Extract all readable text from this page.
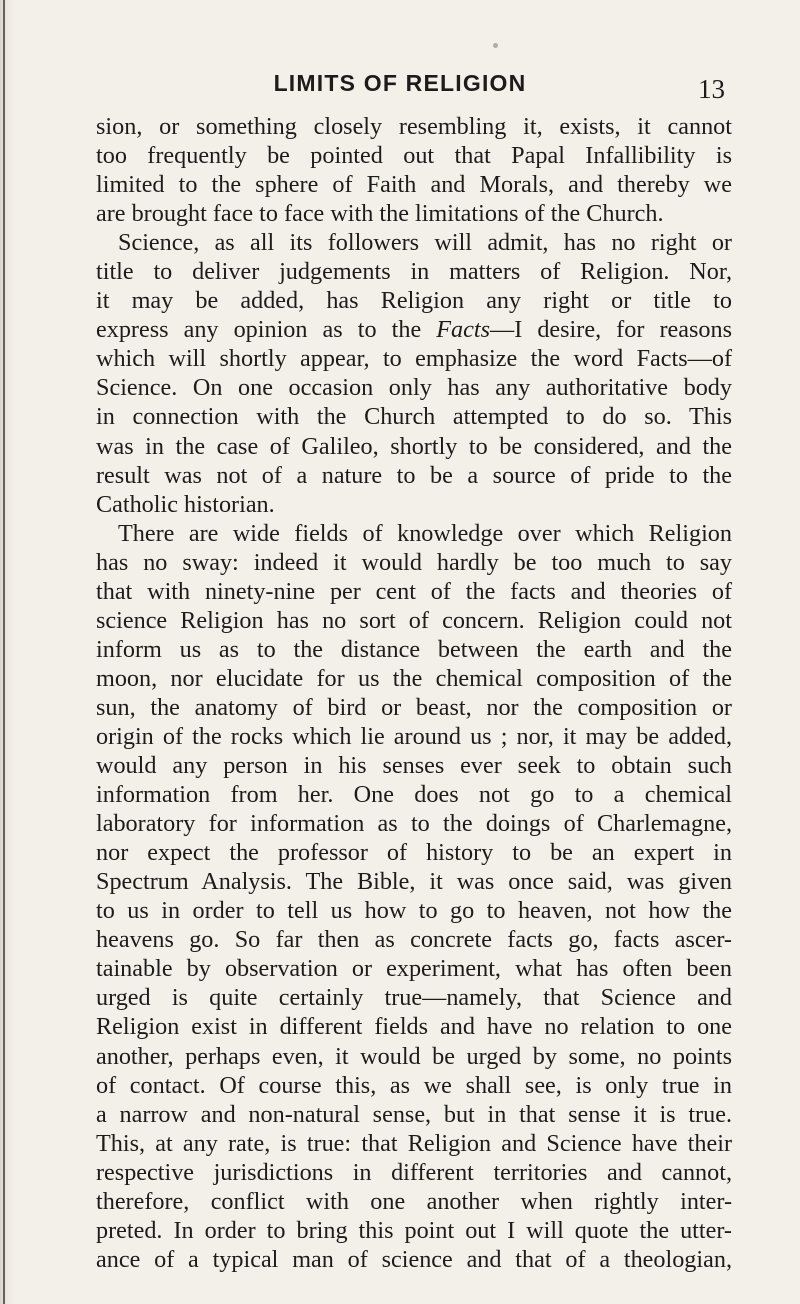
LIMITS OF RELIGION	13
sion, or something closely resembling it, exists, it cannot
too frequently be pointed out that Papal Infallibility is
limited to the sphere of Faith and Morals, and thereby we
are brought face to face with the limitations of the Church.
Science, as all its followers will admit, has no right or
title to deliver judgements in matters of Religion. Nor,
it may be added, has Religion any right or title to
express any opinion as to the Facts—I desire, for reasons
which will shortly appear, to emphasize the word Facts—of
Science. On one occasion only has any authoritative body
in connection with the Church attempted to do so. This
was in the case of Galileo, shortly to be considered, and the
result was not of a nature to be a source of pride to the
Catholic historian.
There are wide fields of knowledge over which Religion
has no sway: indeed it would hardly be too much to say
that with ninety-nine per cent of the facts and theories of
science Religion has no sort of concern. Religion could not
inform us as to the distance between the earth and the
moon, nor elucidate for us the chemical composition of the
sun, the anatomy of bird or beast, nor the composition or
origin of the rocks which lie around us ; nor, it may be added,
would any person in his senses ever seek to obtain such
information from her. One does not go to a chemical
laboratory for information as to the doings of Charlemagne,
nor expect the professor of history to be an expert in
Spectrum Analysis. The Bible, it was once said, was given
to us in order to tell us how to go to heaven, not how the
heavens go. So far then as concrete facts go, facts ascer-
tainable by observation or experiment, what has often been
urged is quite certainly true—namely, that Science and
Religion exist in different fields and have no relation to one
another, perhaps even, it would be urged by some, no points
of contact. Of course this, as we shall see, is only true in
a narrow and non-natural sense, but in that sense it is true.
This, at any rate, is true: that Religion and Science have their
respective jurisdictions in different territories and cannot,
therefore, conflict with one another when rightly inter-
preted. In order to bring this point out I will quote the utter-
ance of a typical man of science and that of a theologian,
